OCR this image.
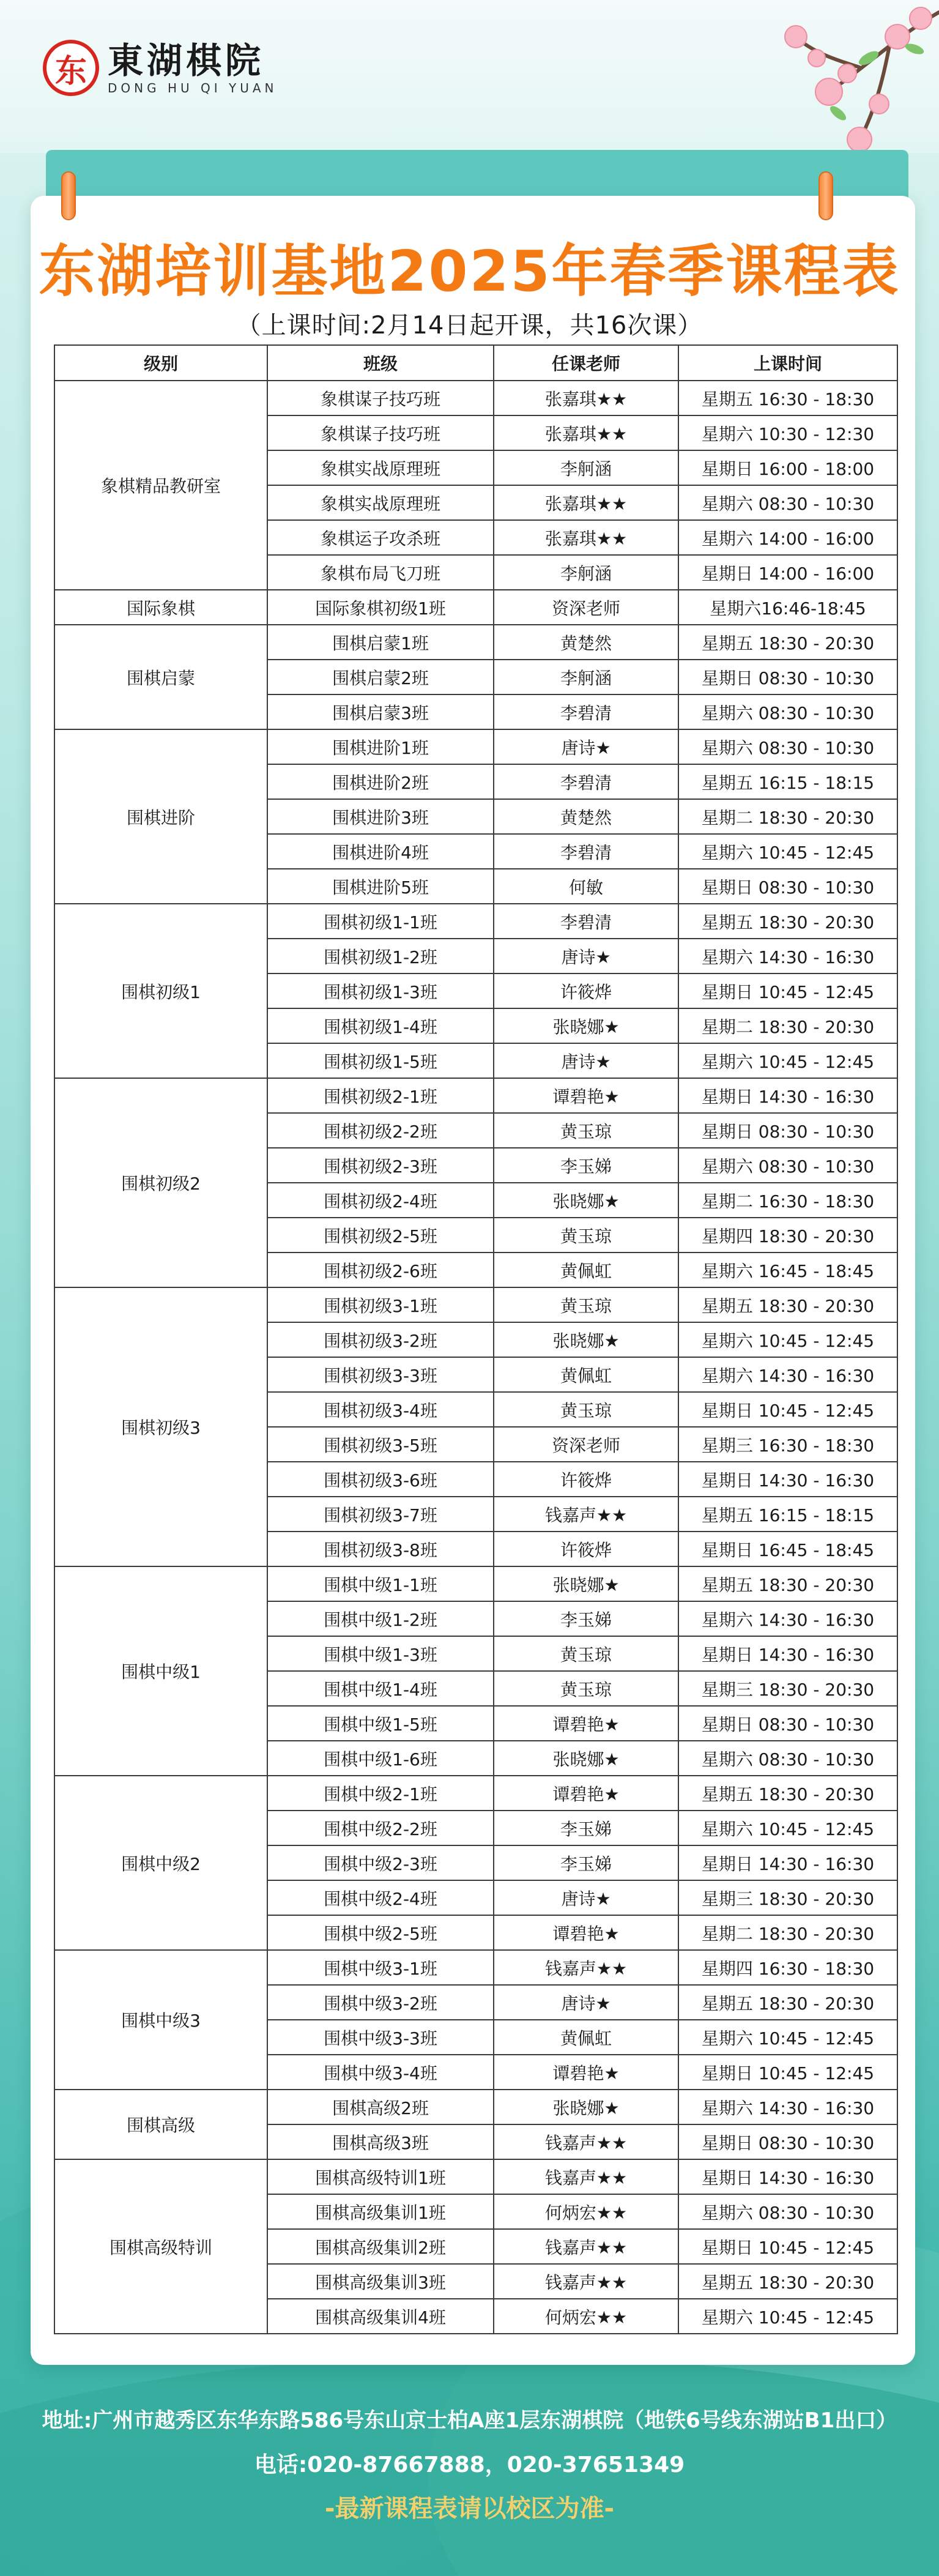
东 東湖棋院
DONG HU QI YUAN
东湖培训基地2025年春季课程表
（上课时间:2月14日起开课，共16次课）
级别	班级	任课老师	上课时间
象棋精品教研室	象棋谋子技巧班	张嘉琪★★	星期五 16:30 - 18:30
	象棋谋子技巧班	张嘉琪★★	星期六 10:30 - 12:30
	象棋实战原理班	李舸涵	星期日 16:00 - 18:00
	象棋实战原理班	张嘉琪★★	星期六 08:30 - 10:30
	象棋运子攻杀班	张嘉琪★★	星期六 14:00 - 16:00
	象棋布局飞刀班	李舸涵	星期日 14:00 - 16:00
国际象棋	国际象棋初级1班	资深老师	星期六16:46-18:45
围棋启蒙	围棋启蒙1班	黄楚然	星期五 18:30 - 20:30
	围棋启蒙2班	李舸涵	星期日 08:30 - 10:30
	围棋启蒙3班	李碧清	星期六 08:30 - 10:30
围棋进阶	围棋进阶1班	唐诗★	星期六 08:30 - 10:30
	围棋进阶2班	李碧清	星期五 16:15 - 18:15
	围棋进阶3班	黄楚然	星期二 18:30 - 20:30
	围棋进阶4班	李碧清	星期六 10:45 - 12:45
	围棋进阶5班	何敏	星期日 08:30 - 10:30
围棋初级1	围棋初级1-1班	李碧清	星期五 18:30 - 20:30
	围棋初级1-2班	唐诗★	星期六 14:30 - 16:30
	围棋初级1-3班	许筱烨	星期日 10:45 - 12:45
	围棋初级1-4班	张晓娜★	星期二 18:30 - 20:30
	围棋初级1-5班	唐诗★	星期六 10:45 - 12:45
围棋初级2	围棋初级2-1班	谭碧艳★	星期日 14:30 - 16:30
	围棋初级2-2班	黄玉琼	星期日 08:30 - 10:30
	围棋初级2-3班	李玉娣	星期六 08:30 - 10:30
	围棋初级2-4班	张晓娜★	星期二 16:30 - 18:30
	围棋初级2-5班	黄玉琼	星期四 18:30 - 20:30
	围棋初级2-6班	黄佩虹	星期六 16:45 - 18:45
围棋初级3	围棋初级3-1班	黄玉琼	星期五 18:30 - 20:30
	围棋初级3-2班	张晓娜★	星期六 10:45 - 12:45
	围棋初级3-3班	黄佩虹	星期六 14:30 - 16:30
	围棋初级3-4班	黄玉琼	星期日 10:45 - 12:45
	围棋初级3-5班	资深老师	星期三 16:30 - 18:30
	围棋初级3-6班	许筱烨	星期日 14:30 - 16:30
	围棋初级3-7班	钱嘉声★★	星期五 16:15 - 18:15
	围棋初级3-8班	许筱烨	星期日 16:45 - 18:45
围棋中级1	围棋中级1-1班	张晓娜★	星期五 18:30 - 20:30
	围棋中级1-2班	李玉娣	星期六 14:30 - 16:30
	围棋中级1-3班	黄玉琼	星期日 14:30 - 16:30
	围棋中级1-4班	黄玉琼	星期三 18:30 - 20:30
	围棋中级1-5班	谭碧艳★	星期日 08:30 - 10:30
	围棋中级1-6班	张晓娜★	星期六 08:30 - 10:30
围棋中级2	围棋中级2-1班	谭碧艳★	星期五 18:30 - 20:30
	围棋中级2-2班	李玉娣	星期六 10:45 - 12:45
	围棋中级2-3班	李玉娣	星期日 14:30 - 16:30
	围棋中级2-4班	唐诗★	星期三 18:30 - 20:30
	围棋中级2-5班	谭碧艳★	星期二 18:30 - 20:30
围棋中级3	围棋中级3-1班	钱嘉声★★	星期四 16:30 - 18:30
	围棋中级3-2班	唐诗★	星期五 18:30 - 20:30
	围棋中级3-3班	黄佩虹	星期六 10:45 - 12:45
	围棋中级3-4班	谭碧艳★	星期日 10:45 - 12:45
围棋高级	围棋高级2班	张晓娜★	星期六 14:30 - 16:30
	围棋高级3班	钱嘉声★★	星期日 08:30 - 10:30
围棋高级特训	围棋高级特训1班	钱嘉声★★	星期日 14:30 - 16:30
	围棋高级集训1班	何炳宏★★	星期六 08:30 - 10:30
	围棋高级集训2班	钱嘉声★★	星期日 10:45 - 12:45
	围棋高级集训3班	钱嘉声★★	星期五 18:30 - 20:30
	围棋高级集训4班	何炳宏★★	星期六 10:45 - 12:45
地址:广州市越秀区东华东路586号东山京士柏A座1层东湖棋院（地铁6号线东湖站B1出口）
电话:020-87667888，020-37651349
-最新课程表请以校区为准-
